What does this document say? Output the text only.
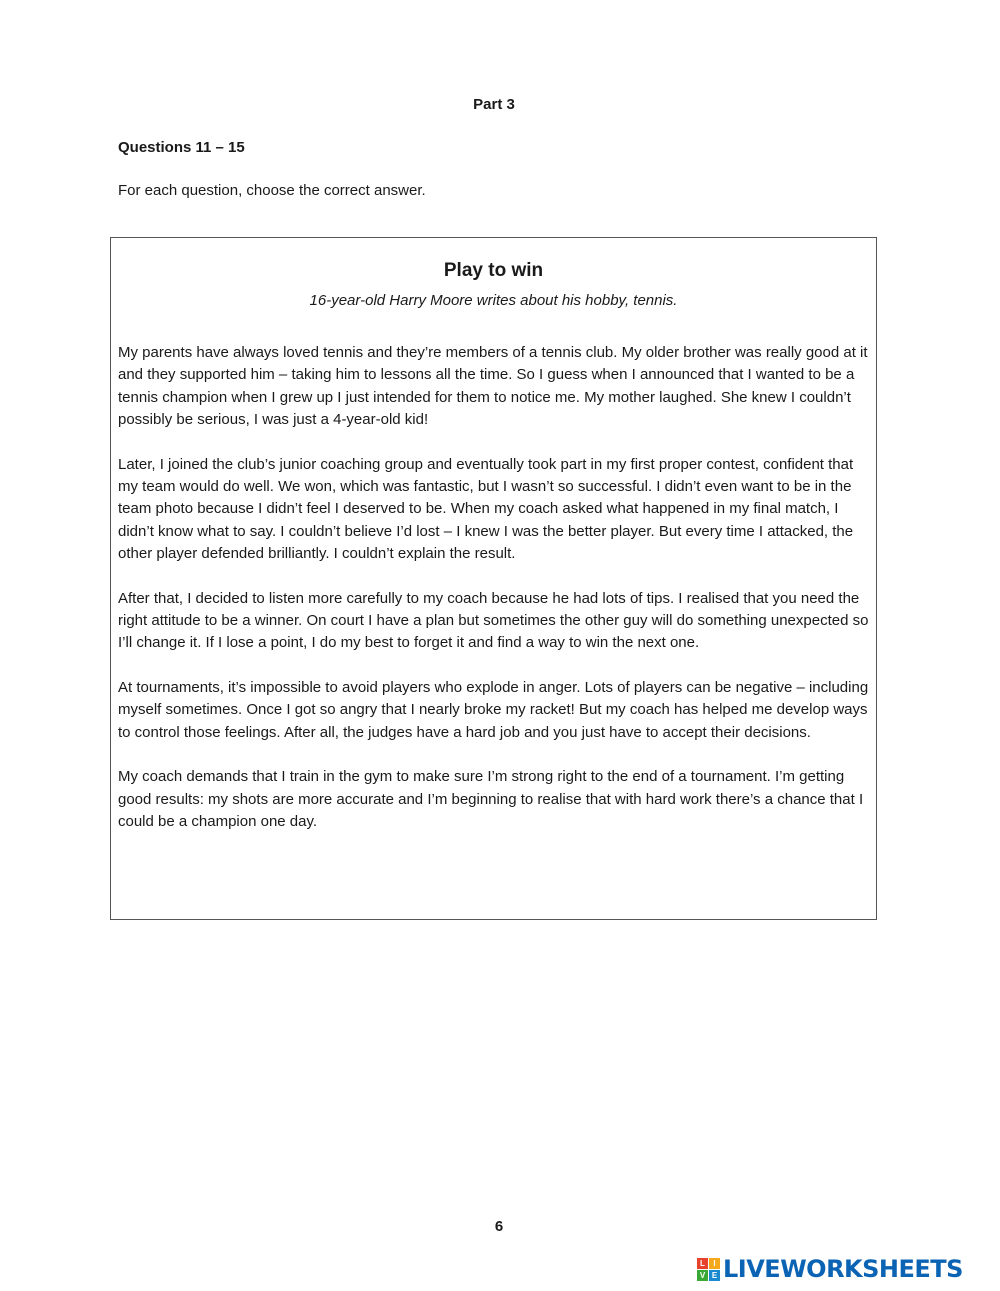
Part 3
Questions 11 – 15
For each question, choose the correct answer.
Play to win
16-year-old Harry Moore writes about his hobby, tennis.

My parents have always loved tennis and they’re members of a tennis club. My older brother was really good at it and they supported him – taking him to lessons all the time. So I guess when I announced that I wanted to be a tennis champion when I grew up I just intended for them to notice me. My mother laughed. She knew I couldn’t possibly be serious, I was just a 4-year-old kid!

Later, I joined the club’s junior coaching group and eventually took part in my first proper contest, confident that my team would do well. We won, which was fantastic, but I wasn’t so successful. I didn’t even want to be in the team photo because I didn’t feel I deserved to be. When my coach asked what happened in my final match, I didn’t know what to say. I couldn’t believe I’d lost – I knew I was the better player. But every time I attacked, the other player defended brilliantly. I couldn’t explain the result.

After that, I decided to listen more carefully to my coach because he had lots of tips. I realised that you need the right attitude to be a winner. On court I have a plan but sometimes the other guy will do something unexpected so I’ll change it. If I lose a point, I do my best to forget it and find a way to win the next one.

At tournaments, it’s impossible to avoid players who explode in anger. Lots of players can be negative – including myself sometimes. Once I got so angry that I nearly broke my racket! But my coach has helped me develop ways to control those feelings. After all, the judges have a hard job and you just have to accept their decisions.

My coach demands that I train in the gym to make sure I’m strong right to the end of a tournament. I’m getting good results: my shots are more accurate and I’m beginning to realise that with hard work there’s a chance that I could be a champion one day.

6
L	I
V E LIVEWORKSHEETS
